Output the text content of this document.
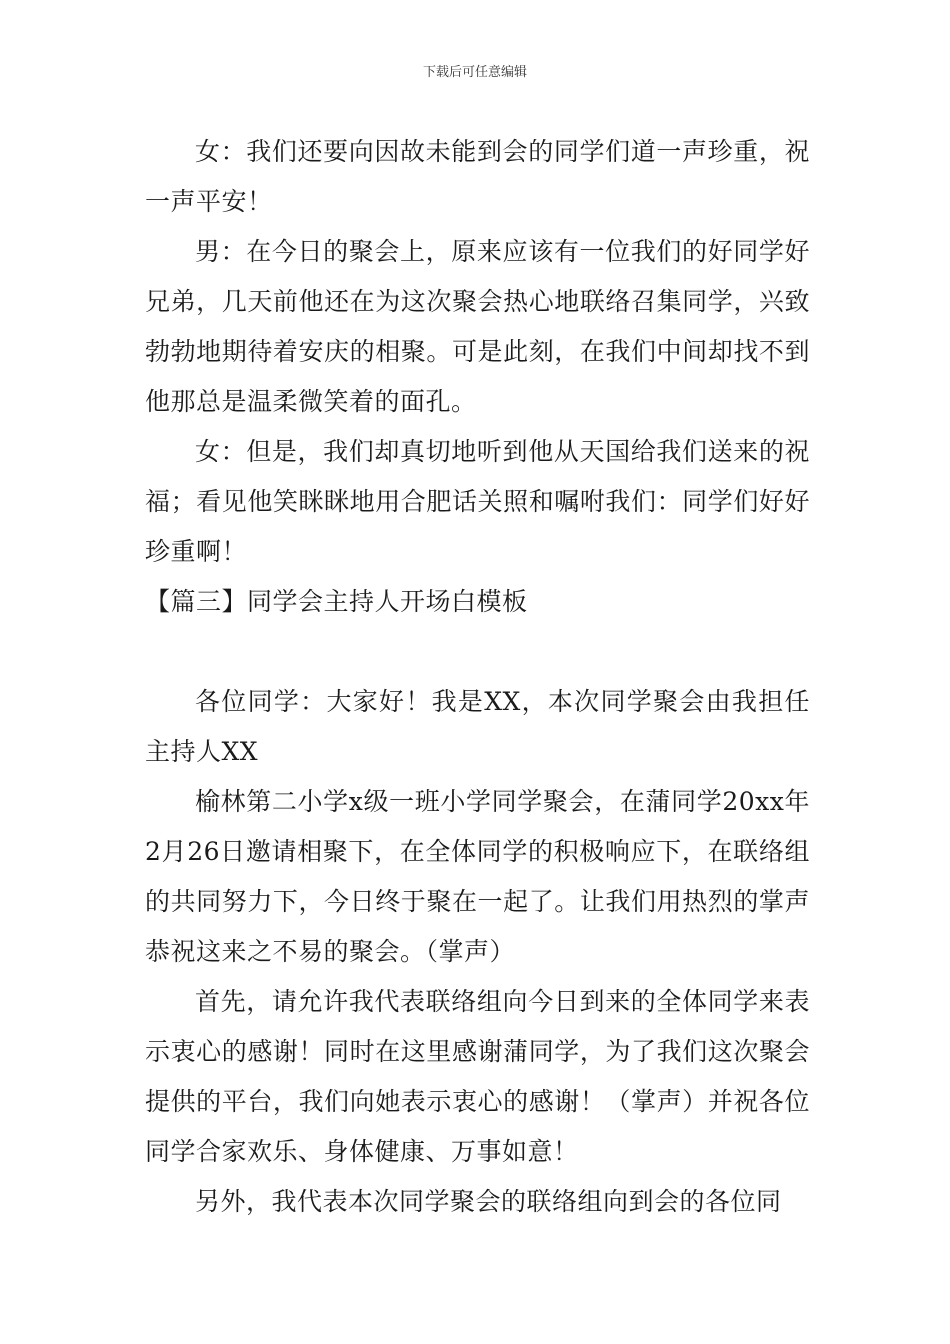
下载后可任意编辑

女：我们还要向因故未能到会的同学们道一声珍重，祝一声平安！

男：在今日的聚会上，原来应该有一位我们的好同学好兄弟，几天前他还在为这次聚会热心地联络召集同学，兴致勃勃地期待着安庆的相聚。可是此刻，在我们中间却找不到他那总是温柔微笑着的面孔。

女：但是，我们却真切地听到他从天国给我们送来的祝福；看见他笑眯眯地用合肥话关照和嘱咐我们：同学们好好珍重啊！

【篇三】同学会主持人开场白模板

各位同学：大家好！我是XX，本次同学聚会由我担任主持人XX

榆林第二小学x级一班小学同学聚会，在蒲同学20xx年2月26日邀请相聚下，在全体同学的积极响应下，在联络组的共同努力下，今日终于聚在一起了。让我们用热烈的掌声恭祝这来之不易的聚会。（掌声）

首先，请允许我代表联络组向今日到来的全体同学来表示衷心的感谢！同时在这里感谢蒲同学，为了我们这次聚会提供的平台，我们向她表示衷心的感谢！（掌声）并祝各位同学合家欢乐、身体健康、万事如意！

另外，我代表本次同学聚会的联络组向到会的各位同
